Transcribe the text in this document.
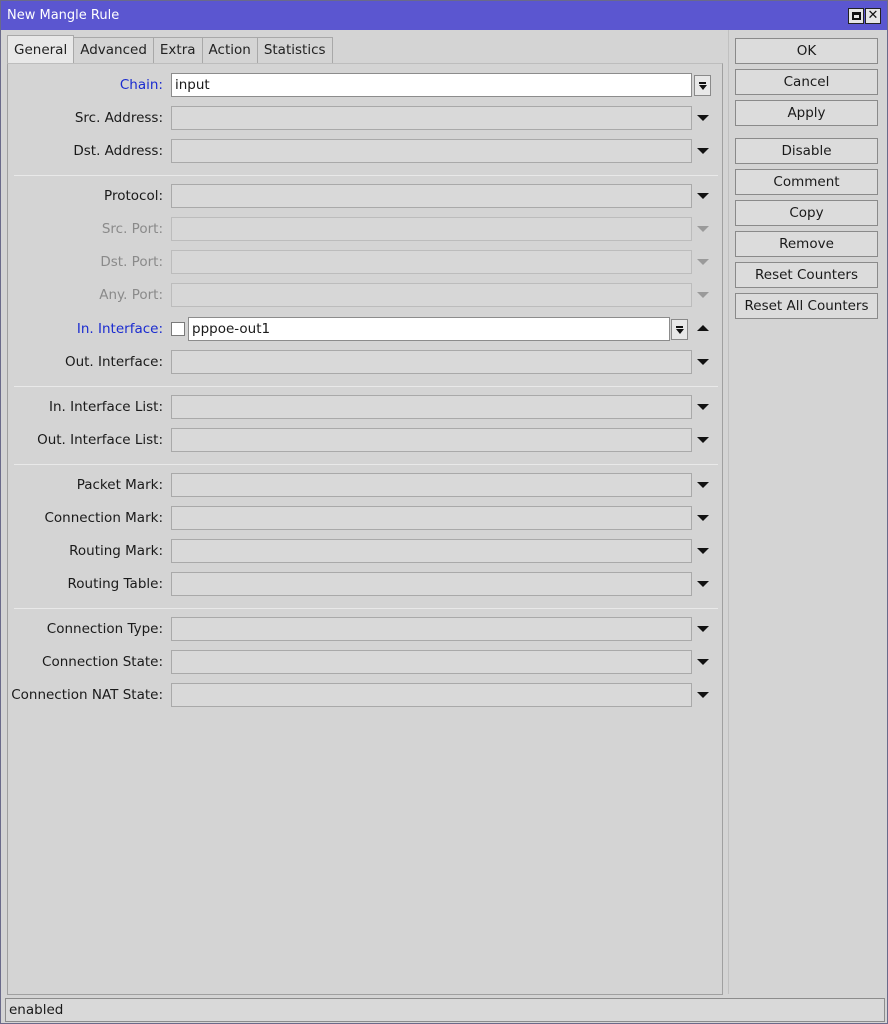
New Mangle Rule	✕
General Advanced Extra Action Statistics
Chain: input
Src. Address:
Dst. Address:
Protocol:
Src. Port:
Dst. Port:
Any. Port:
In. Interface: pppoe-out1
Out. Interface:
In. Interface List:
Out. Interface List:
Packet Mark:
Connection Mark:
Routing Mark:
Routing Table:
Connection Type:
Connection State:
Connection NAT State:
OK
Cancel
Apply
Disable
Comment
Copy
Remove
Reset Counters
Reset All Counters
enabled
